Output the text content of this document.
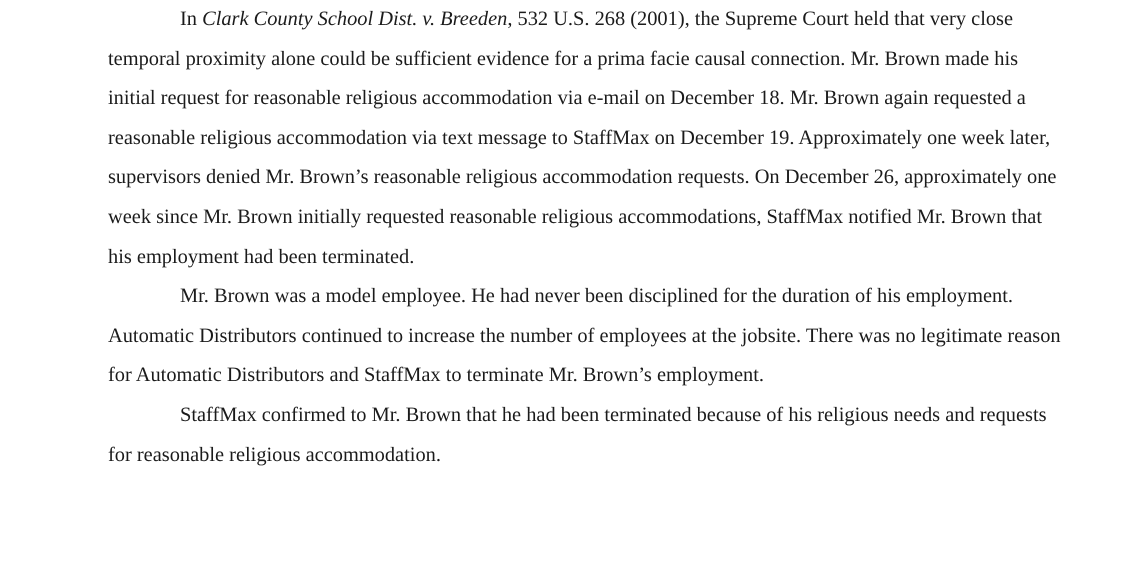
In Clark County School Dist. v. Breeden, 532 U.S. 268 (2001), the Supreme Court held that very close temporal proximity alone could be sufficient evidence for a prima facie causal connection. Mr. Brown made his initial request for reasonable religious accommodation via e-mail on December 18. Mr. Brown again requested a reasonable religious accommodation via text message to StaffMax on December 19. Approximately one week later, supervisors denied Mr. Brown’s reasonable religious accommodation requests. On December 26, approximately one week since Mr. Brown initially requested reasonable religious accommodations, StaffMax notified Mr. Brown that his employment had been terminated.

Mr. Brown was a model employee. He had never been disciplined for the duration of his employment. Automatic Distributors continued to increase the number of employees at the jobsite. There was no legitimate reason for Automatic Distributors and StaffMax to terminate Mr. Brown’s employment.

StaffMax confirmed to Mr. Brown that he had been terminated because of his religious needs and requests for reasonable religious accommodation.
